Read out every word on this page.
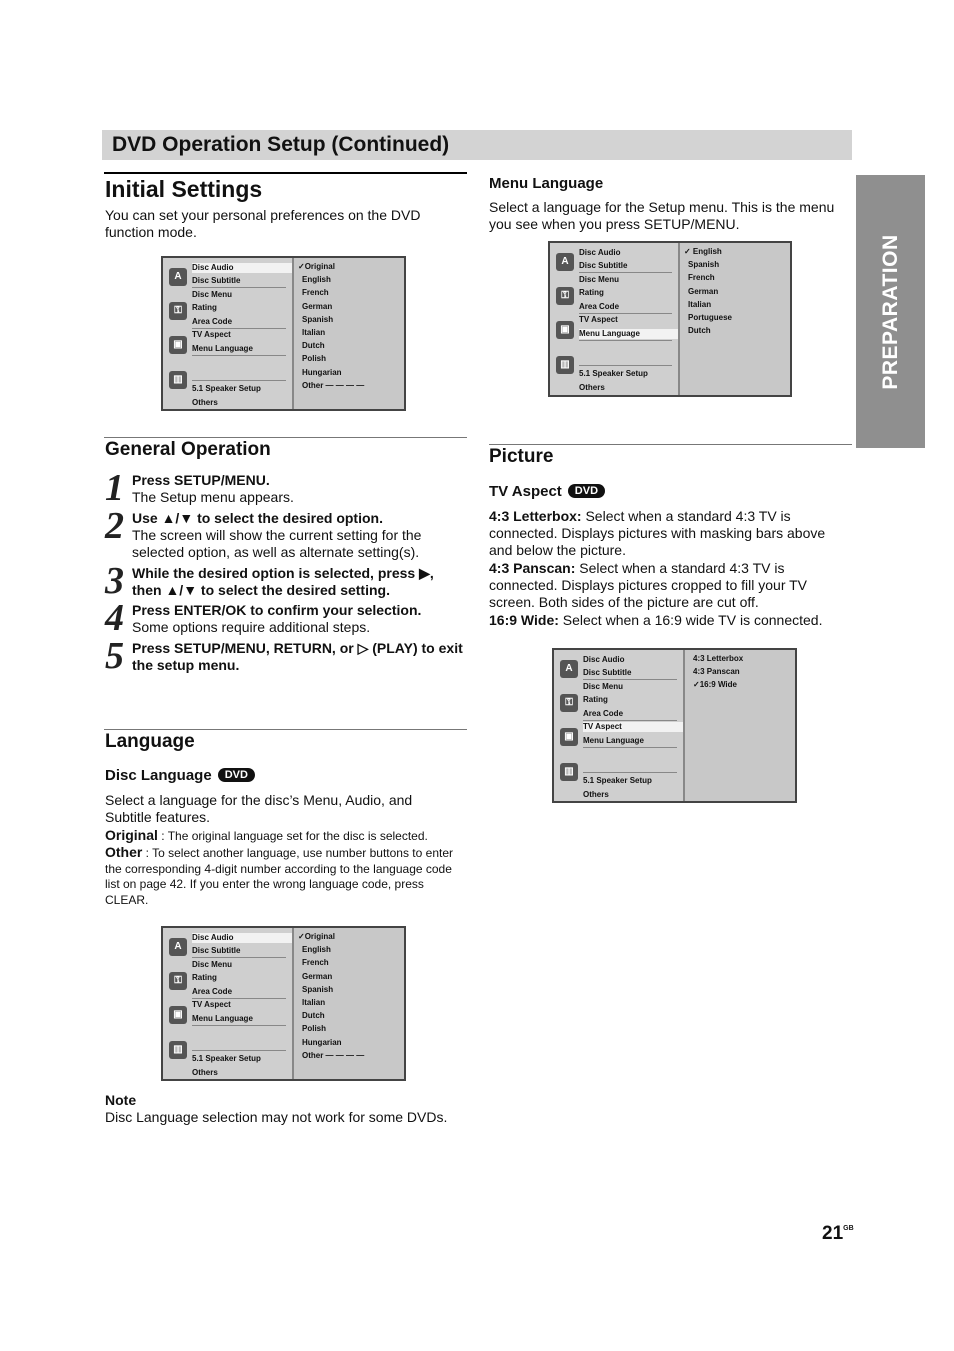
DVD Operation Setup (Continued)
PREPARATION
Initial Settings

You can set your personal preferences on the DVD function mode.

Disc Audio
Disc Subtitle
Disc Menu
Rating
Area Code
TV Aspect
Menu Language
5.1 Speaker Setup
Others
A
⚿
▣
▥
✓Original
English
French
German
Spanish
Italian
Dutch
Polish
Hungarian
Other — — — —
General Operation
1 Press SETUP/MENU.
The Setup menu appears.
2 Use ▲/▼ to select the desired option.
The screen will show the current setting for the selected option, as well as alternate setting(s).
3 While the desired option is selected, press ▶, then ▲/▼ to select the desired setting.
4 Press ENTER/OK to confirm your selection.
Some options require additional steps.
5 Press SETUP/MENU, RETURN, or ▷ (PLAY) to exit the setup menu.
Language
Disc Language DVD

Select a language for the disc’s Menu, Audio, and Subtitle features.

Original : The original language set for the disc is selected.

Other : To select another language, use number buttons to enter the corresponding 4-digit number according to the language code list on page 42. If you enter the wrong language code, press CLEAR.

Disc Audio
Disc Subtitle
Disc Menu
Rating
Area Code
TV Aspect
Menu Language
5.1 Speaker Setup
Others
A
⚿
▣
▥
✓Original
English
French
German
Spanish
Italian
Dutch
Polish
Hungarian
Other — — — —
Note

Disc Language selection may not work for some DVDs.

Menu Language

Select a language for the Setup menu. This is the menu you see when you press SETUP/MENU.

Disc Audio
Disc Subtitle
Disc Menu
Rating
Area Code
TV Aspect
Menu Language
5.1 Speaker Setup
Others
A
⚿
▣
▥
✓ English
Spanish
French
German
Italian
Portuguese
Dutch
Picture
TV Aspect DVD

4:3 Letterbox: Select when a standard 4:3 TV is connected. Displays pictures with masking bars above and below the picture.

4:3 Panscan: Select when a standard 4:3 TV is connected. Displays pictures cropped to fill your TV screen. Both sides of the picture are cut off.

16:9 Wide: Select when a 16:9 wide TV is connected.

Disc Audio
Disc Subtitle
Disc Menu
Rating
Area Code
TV Aspect
Menu Language
5.1 Speaker Setup
Others
A
⚿
▣
▥
4:3 Letterbox
4:3 Panscan
✓16:9 Wide
$21^{GB}$
